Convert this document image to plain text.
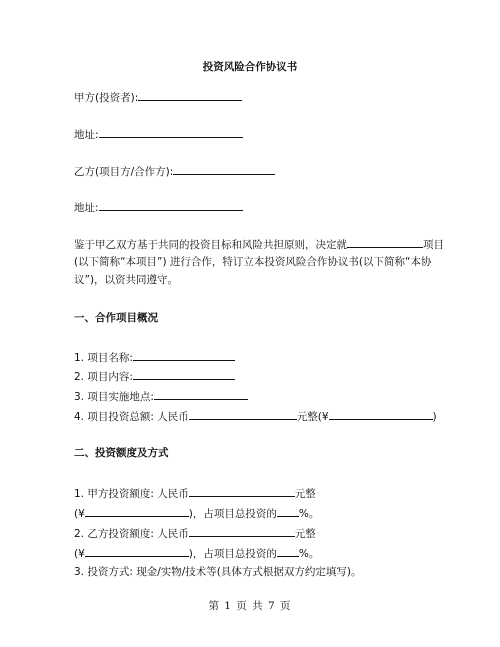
投资风险合作协议书
甲方(投资者):
地址:
乙方(项目方/合作方):
地址:
鉴于甲乙双方基于共同的投资目标和风险共担原则，决定就	项目
(以下简称“本项目”) 进行合作，特订立本投资风险合作协议书(以下简称“本协
议”)，以资共同遵守。
一、合作项目概况
1. 项目名称:
2. 项目内容:
3. 项目实施地点:
4. 项目投资总额: 人民币	元整(¥	)
二、投资额度及方式
1. 甲方投资额度: 人民币	元整
(¥	)，占项目总投资的 %。
2. 乙方投资额度: 人民币	元整
(¥	)，占项目总投资的 %。
3. 投资方式: 现金/实物/技术等(具体方式根据双方约定填写)。
第 1 页 共 7 页
